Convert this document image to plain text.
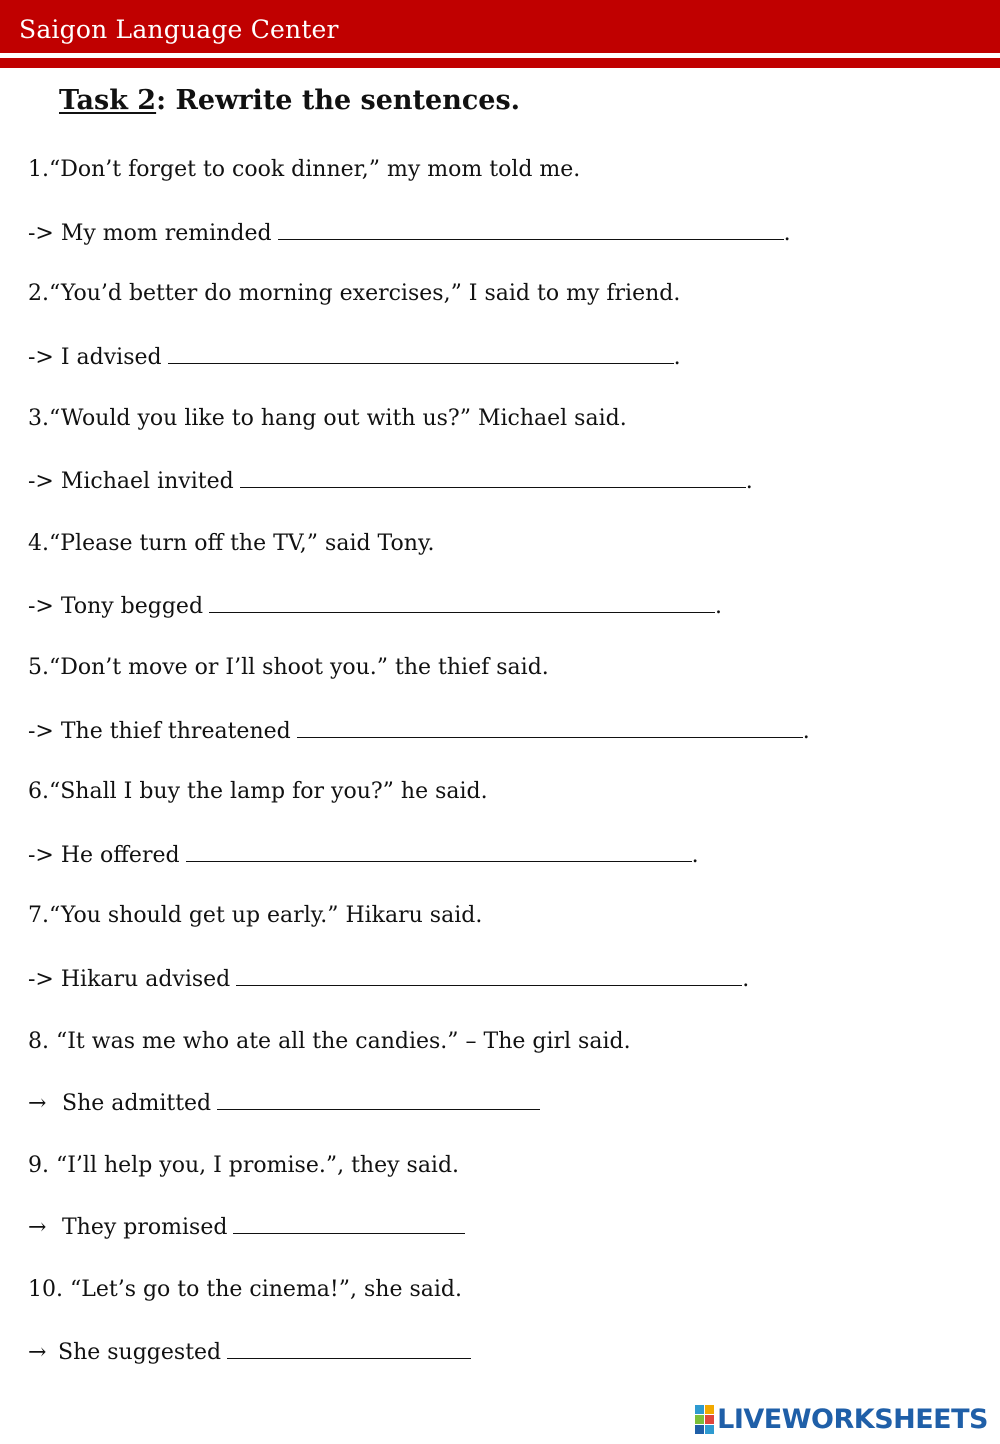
Saigon Language Center
Task 2: Rewrite the sentences.
1.“Don’t forget to cook dinner,” my mom told me.
-> My mom reminded	.
2.“You’d better do morning exercises,” I said to my friend.
-> I advised	.
3.“Would you like to hang out with us?” Michael said.
-> Michael invited	.
4.“Please turn off the TV,” said Tony.
-> Tony begged	.
5.“Don’t move or I’ll shoot you.” the thief said.
-> The thief threatened	.
6.“Shall I buy the lamp for you?” he said.
-> He offered	.
7.“You should get up early.” Hikaru said.
-> Hikaru advised	.
8. “It was me who ate all the candies.” – The girl said.
→ She admitted
9. “I’ll help you, I promise.”, they said.
→ They promised
10. “Let’s go to the cinema!”, she said.
→ She suggested
LIVEWORKSHEETS
